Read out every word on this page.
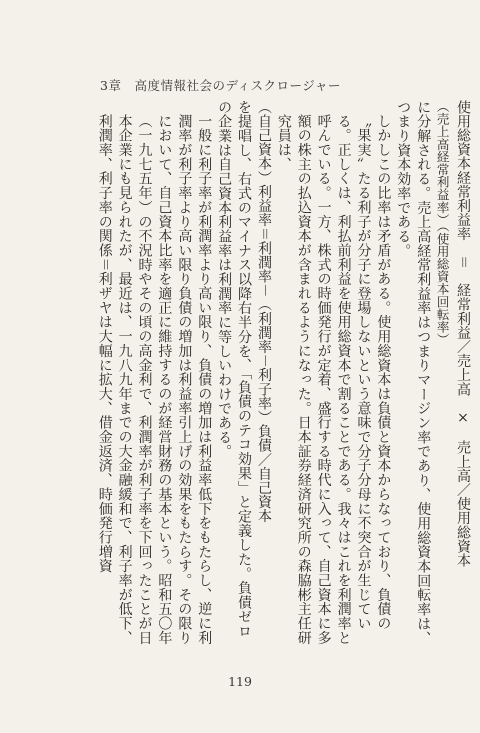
3章　高度情報社会のディスクロージャー

使用総資本経常利益率　＝　経常利益／売上高　×　売上高／使用総資本

（売上高経常利益率）（使用総資本回転率）

に分解される。売上高経常利益率はつまりマージン率であり、使用総資本回転率は、つまり資本効率である。

しかしこの比率は矛盾がある。使用総資本は負債と資本からなっており、負債の〝果実〟たる利子が分子に登場しないという意味で分子分母に不突合が生じている。正しくは、利払前利益を使用総資本で割ることである。我々はこれを利潤率と呼んでいる。一方、株式の時価発行が定着、盛行する時代に入って、自己資本に多額の株主の払込資本が含まれるようになった。日本証券経済研究所の森脇彬主任研究員は、

（自己資本）利益率＝利潤率－（利潤率－利子率）負債／自己資本

を提唱し、右式のマイナス以降右半分を、「負債のテコ効果」と定義した。負債ゼロの企業は自己資本利益率は利潤率に等しいわけである。

一般に利子率が利潤率より高い限り、負債の増加は利益率低下をもたらし、逆に利潤率が利子率より高い限り負債の増加は利益率引上げの効果をもたらす。その限りにおいて、自己資本比率を適正に維持するのが経営財務の基本という。昭和五〇年（一九七五年）の不況時やその頃の高金利で、利潤率が利子率を下回ったことが日本企業にも見られたが、最近は、一九八九年までの大金融緩和で、利子率が低下、利潤率、利子率の関係＝利ザヤは大幅に拡大、借金返済、時価発行増資

119
